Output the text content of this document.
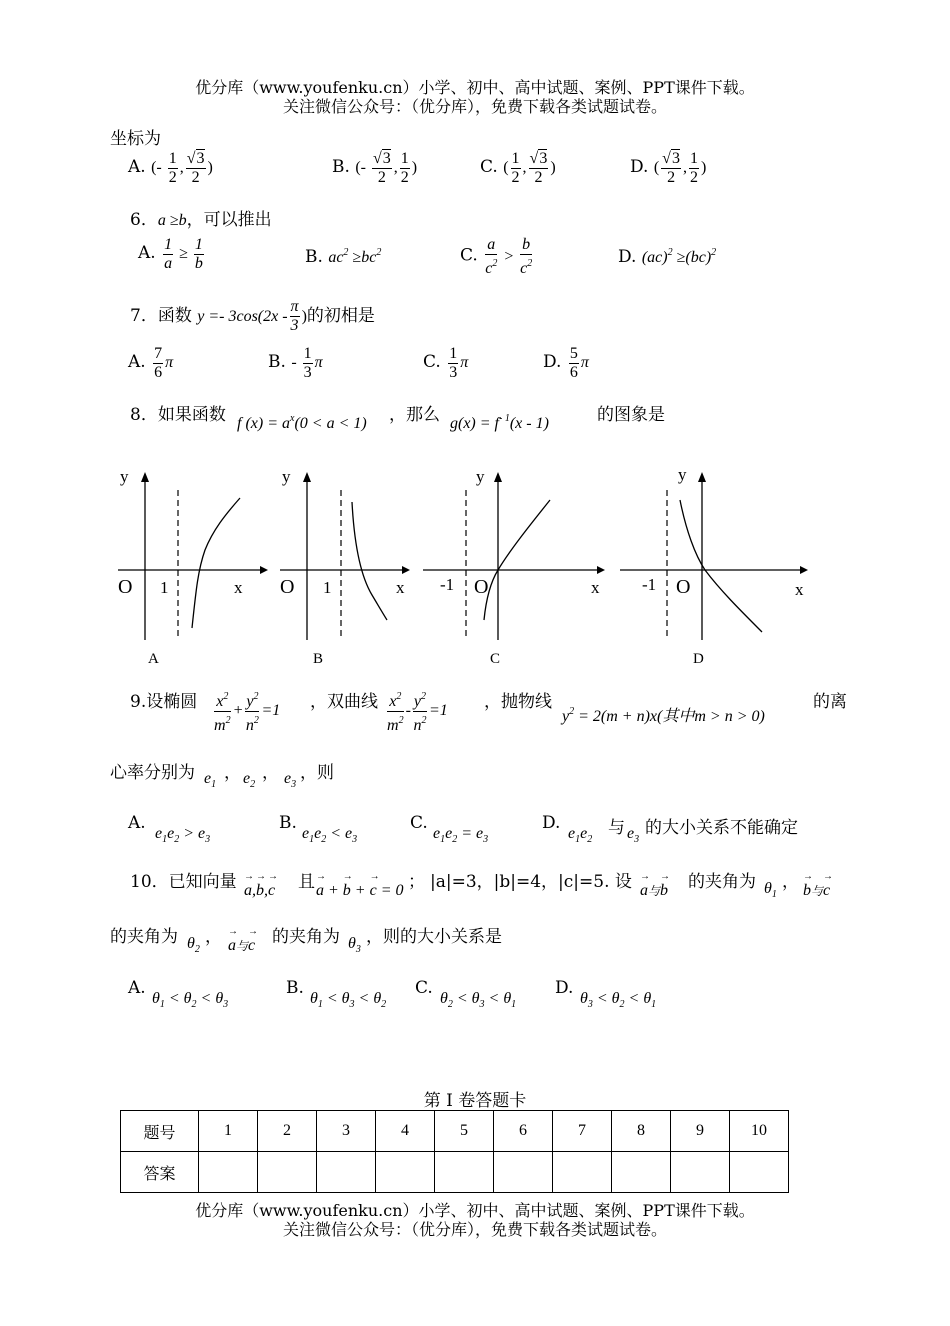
优分库（www.youfenku.cn）小学、初中、高中试题、案例、PPT课件下载。
关注微信公众号：（优分库），免费下载各类试题试卷。
坐标为
A. (- $\frac{1}{2}$ , $\frac{√3}{2}$ )	B. (- $\frac{√3}{2}$ , $\frac{1}{2}$ )	C. ( $\frac{1}{2}$ , $\frac{√3}{2}$ )	D. ( $\frac{√3}{2}$ , $\frac{1}{2}$ )
6．a ≥b，可以推出
A. $\frac{1}{a} \ge \frac{1}{b}$	B. $ac^2 \ge bc^2$	C. $\frac{a}{c^2} > \frac{b}{c^2}$	D. (ac)$^2$ ≥(bc)$^2$
7．函数 $y =- 3\cos(2x - \frac{\pi}{3}$ )的初相是
A. $\frac{7}{6}$ π	B. - $\frac{1}{3}$ π	C. $\frac{1}{3}$ π	D. $\frac{5}{6}$ π
8．如果函数 f $(x) = a^x(0 < a < 1)$ ，那么 $g(x) = f^{- 1}(x - 1)$	的图象是
y
O 1	x
A
y
O 1	x
B
y
-1 O	x
C
y
-1 O	x
D
9.设椭圆 $\frac{x^2}{m^2} + \frac{y^2}{n^2} =1$ ，双曲线 $\frac{x^2}{m^2} - \frac{y^2}{n^2} =1$ ，抛物线
$y^2 = 2(m + n)x$(其中m > n > 0)
的离
心率分别为 $e_1$
， $e_2$
， $e_3$
，则
A.
$e_1e_2 > e_3$
B.
$e_1e_2 < e_3$
C.
$e_1e_2 = e_3$
D.
$e_1e_2$
与 $e_3$
的大小关系不能确定
10．已知向量 a →,b →,c → 且 a → + b → + c → = 0 ； |a|=3，|b|=4，|c|=5. 设 a →与b → 的夹角为 $\theta_1$
， b →与c →
的夹角为 $\theta_2$
， a →与c → 的夹角为 $\theta_3$
，则的大小关系是
A.
$\theta_1 < \theta_2 < \theta_3$
B.
$\theta_1 < \theta_3 < \theta_2$
C.
$\theta_2 < \theta_3 < \theta_1$
D.
$\theta_3 < \theta_2 < \theta_1$
第 I 卷答题卡
题号	1	2	3	4	5	6	7	8	9	10
答案										
优分库（www.youfenku.cn）小学、初中、高中试题、案例、PPT课件下载。
关注微信公众号：（优分库），免费下载各类试题试卷。
